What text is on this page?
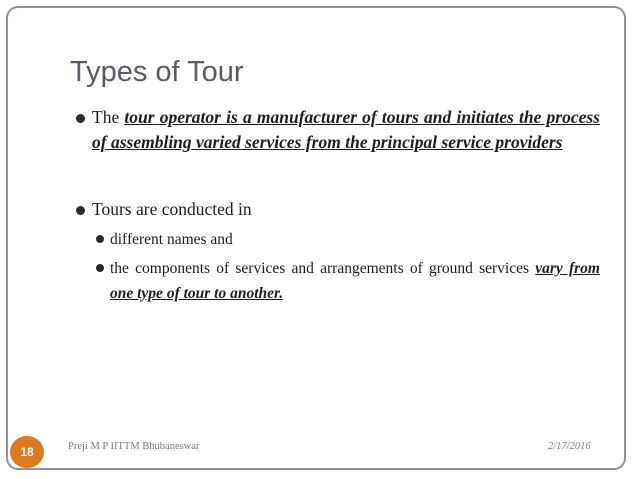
Types of Tour
The tour operator is a manufacturer of tours and initiates the process of assembling varied services from the principal service providers
Tours are conducted in
different names and
the components of services and arrangements of ground services vary from one type of tour to another.
18	Preji M P IITTM Bhubaneswar	2/17/2016
